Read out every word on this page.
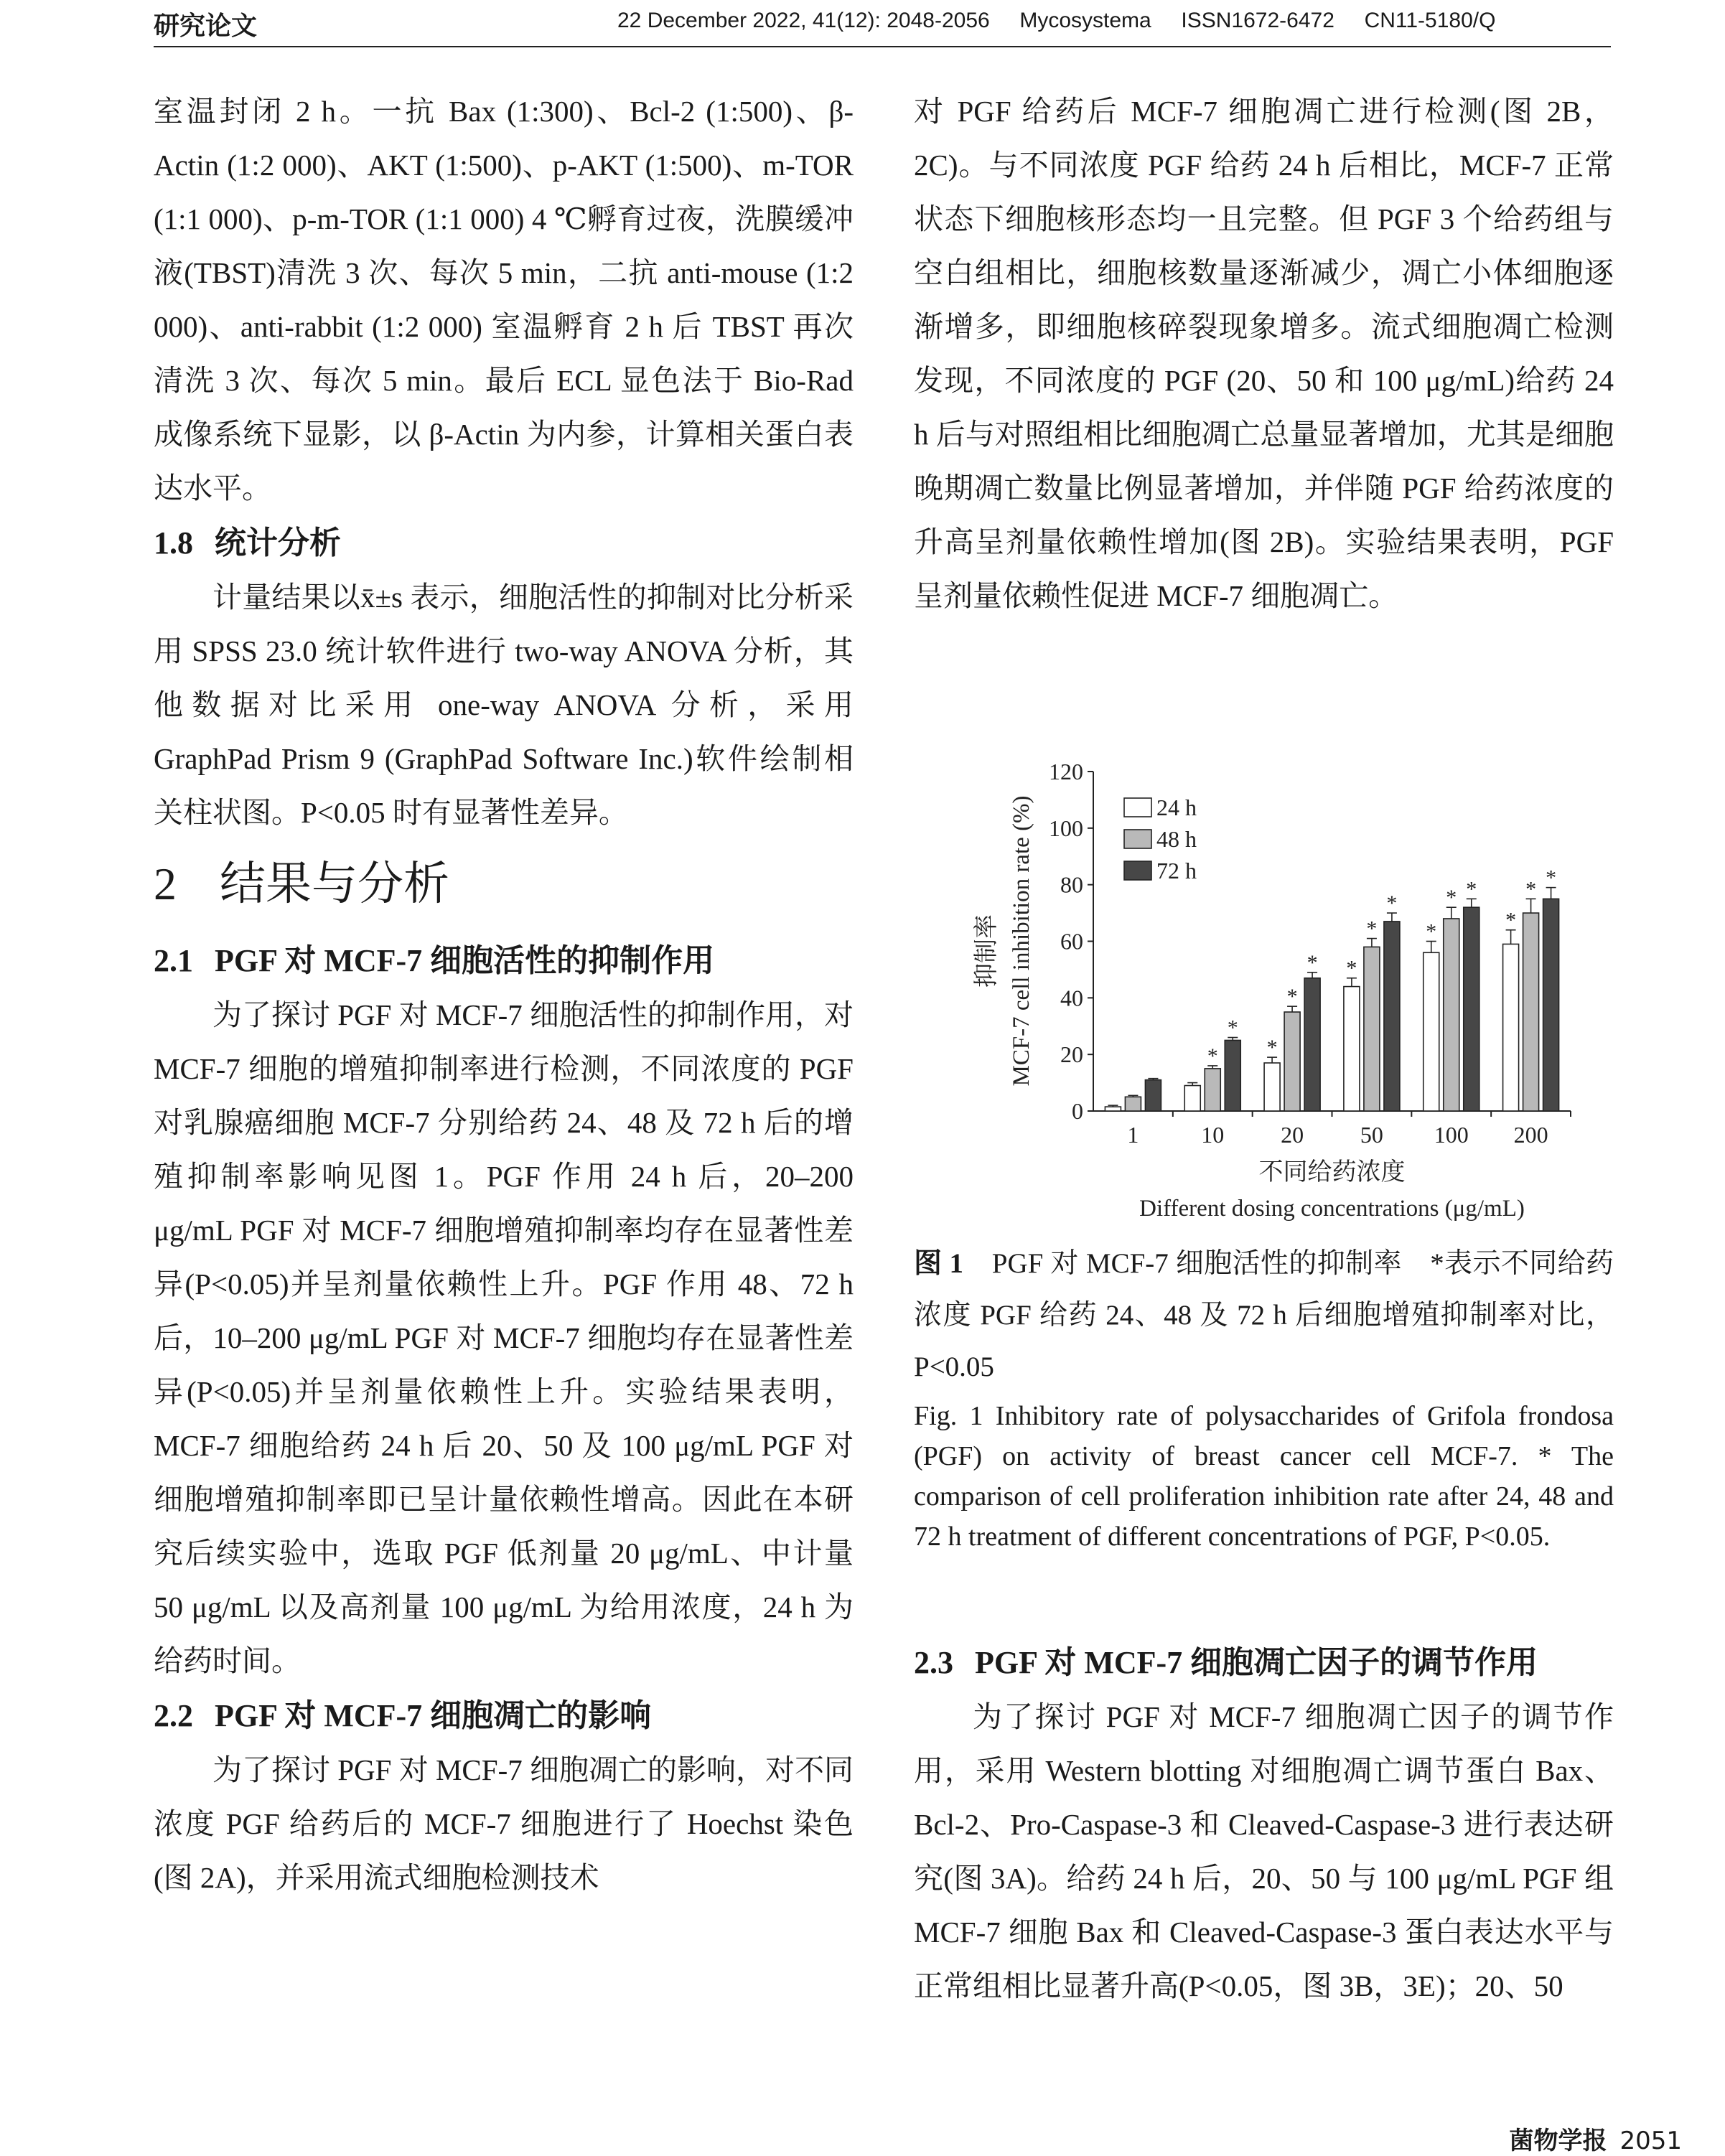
研究论文	22 December 2022, 41(12): 2048-2056     Mycosystema     ISSN1672-6472     CN11-5180/Q

室温封闭 2 h。一抗 Bax (1:300)、Bcl-2 (1:500)、β-Actin (1:2 000)、AKT (1:500)、p-AKT (1:500)、m-TOR (1:1 000)、p-m-TOR (1:1 000) 4 ℃孵育过夜，洗膜缓冲液(TBST)清洗 3 次、每次 5 min，二抗 anti-mouse (1:2 000)、anti-rabbit (1:2 000) 室温孵育 2 h 后 TBST 再次清洗 3 次、每次 5 min。最后 ECL 显色法于 Bio-Rad 成像系统下显影，以 β-Actin 为内参，计算相关蛋白表达水平。

1.8 统计分析

计量结果以x̄±s 表示，细胞活性的抑制对比分析采用 SPSS 23.0 统计软件进行 two-way ANOVA 分析，其他数据对比采用 one-way ANOVA 分析，采用 GraphPad Prism 9 (GraphPad Software Inc.)软件绘制相关柱状图。P<0.05 时有显著性差异。

2 结果与分析
2.1 PGF 对 MCF-7 细胞活性的抑制作用

为了探讨 PGF 对 MCF-7 细胞活性的抑制作用，对 MCF-7 细胞的增殖抑制率进行检测，不同浓度的 PGF 对乳腺癌细胞 MCF-7 分别给药 24、48 及 72 h 后的增殖抑制率影响见图 1。PGF 作用 24 h 后，20–200 μg/mL PGF 对 MCF-7 细胞增殖抑制率均存在显著性差异(P<0.05)并呈剂量依赖性上升。PGF 作用 48、72 h 后，10–200 μg/mL PGF 对 MCF-7 细胞均存在显著性差异(P<0.05)并呈剂量依赖性上升。实验结果表明，MCF-7 细胞给药 24 h 后 20、50 及 100 μg/mL PGF 对细胞增殖抑制率即已呈计量依赖性增高。因此在本研究后续实验中，选取 PGF 低剂量 20 μg/mL、中计量 50 μg/mL 以及高剂量 100 μg/mL 为给用浓度，24 h 为给药时间。

2.2 PGF 对 MCF-7 细胞凋亡的影响

为了探讨 PGF 对 MCF-7 细胞凋亡的影响，对不同浓度 PGF 给药后的 MCF-7 细胞进行了 Hoechst 染色(图 2A)，并采用流式细胞检测技术

对 PGF 给药后 MCF-7 细胞凋亡进行检测(图 2B，2C)。与不同浓度 PGF 给药 24 h 后相比，MCF-7 正常状态下细胞核形态均一且完整。但 PGF 3 个给药组与空白组相比，细胞核数量逐渐减少，凋亡小体细胞逐渐增多，即细胞核碎裂现象增多。流式细胞凋亡检测发现，不同浓度的 PGF (20、50 和 100 μg/mL)给药 24 h 后与对照组相比细胞凋亡总量显著增加，尤其是细胞晚期凋亡数量比例显著增加，并伴随 PGF 给药浓度的升高呈剂量依赖性增加(图 2B)。实验结果表明，PGF 呈剂量依赖性促进 MCF-7 细胞凋亡。

0
20
40
60
80
100
120
1	10
*
*
20
*
*
*
50
*
*
*
100
*
* *
200
*
* *
24 h
48 h
72 h
抑制率 MCF-7 cell inhibition rate (%)
不同给药浓度
Different dosing concentrations (μg/mL)
图 1　 PGF 对 MCF-7 细胞活性的抑制率　*表示不同给药浓度 PGF 给药 24、48 及 72 h 后细胞增殖抑制率对比，P<0.05
Fig. 1 Inhibitory rate of polysaccharides of Grifola frondosa (PGF) on activity of breast cancer cell MCF-7. * The comparison of cell proliferation inhibition rate after 24, 48 and 72 h treatment of different concentrations of PGF, P<0.05.
2.3 PGF 对 MCF-7 细胞凋亡因子的调节作用

为了探讨 PGF 对 MCF-7 细胞凋亡因子的调节作用，采用 Western blotting 对细胞凋亡调节蛋白 Bax、Bcl-2、Pro-Caspase-3 和 Cleaved-Caspase-3 进行表达研究(图 3A)。给药 24 h 后，20、50 与 100 μg/mL PGF 组 MCF-7 细胞 Bax 和 Cleaved-Caspase-3 蛋白表达水平与正常组相比显著升高(P<0.05，图 3B，3E)；20、50

菌物学报 2051
